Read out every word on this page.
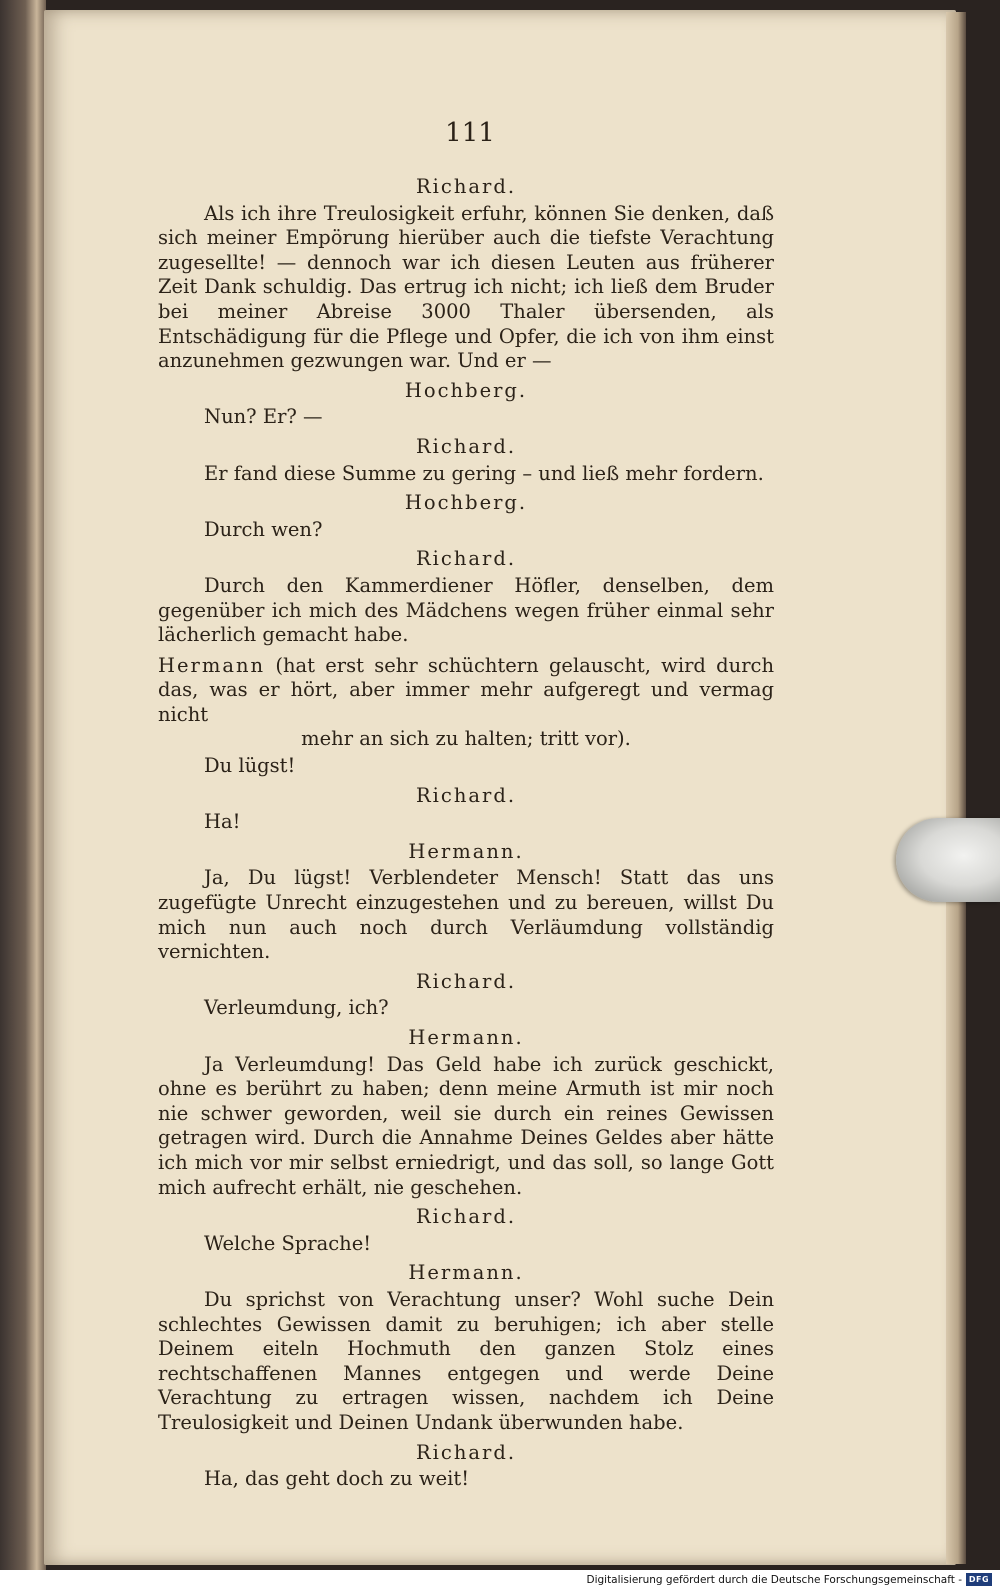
111
Richard.

Als ich ihre Treulosigkeit erfuhr, können Sie denken, daß sich meiner Empörung hierüber auch die tiefste Verachtung zugesellte! — dennoch war ich diesen Leuten aus früherer Zeit Dank schuldig. Das ertrug ich nicht; ich ließ dem Bruder bei meiner Abreise 3000 Thaler übersenden, als Entschädigung für die Pflege und Opfer, die ich von ihm einst anzunehmen gezwungen war. Und er —

Hochberg.

Nun? Er? —

Richard.

Er fand diese Summe zu gering – und ließ mehr fordern.

Hochberg.

Durch wen?

Richard.

Durch den Kammerdiener Höfler, denselben, dem gegenüber ich mich des Mädchens wegen früher einmal sehr lächerlich gemacht habe.

Hermann (hat erst sehr schüchtern gelauscht, wird durch das, was er hört, aber immer mehr aufgeregt und vermag nicht
mehr an sich zu halten; tritt vor).

Du lügst!

Richard.

Ha!

Hermann.

Ja, Du lügst! Verblendeter Mensch! Statt das uns zugefügte Unrecht einzugestehen und zu bereuen, willst Du mich nun auch noch durch Verläumdung vollständig vernichten.

Richard.

Verleumdung, ich?

Hermann.

Ja Verleumdung! Das Geld habe ich zurück geschickt, ohne es berührt zu haben; denn meine Armuth ist mir noch nie schwer geworden, weil sie durch ein reines Gewissen getragen wird. Durch die Annahme Deines Geldes aber hätte ich mich vor mir selbst erniedrigt, und das soll, so lange Gott mich aufrecht erhält, nie geschehen.

Richard.

Welche Sprache!

Hermann.

Du sprichst von Verachtung unser? Wohl suche Dein schlechtes Gewissen damit zu beruhigen; ich aber stelle Deinem eiteln Hochmuth den ganzen Stolz eines rechtschaffenen Mannes entgegen und werde Deine Verachtung zu ertragen wissen, nachdem ich Deine Treulosigkeit und Deinen Undank überwunden habe.

Richard.

Ha, das geht doch zu weit!

Digitalisierung gefördert durch die Deutsche Forschungsgemeinschaft - DFG
